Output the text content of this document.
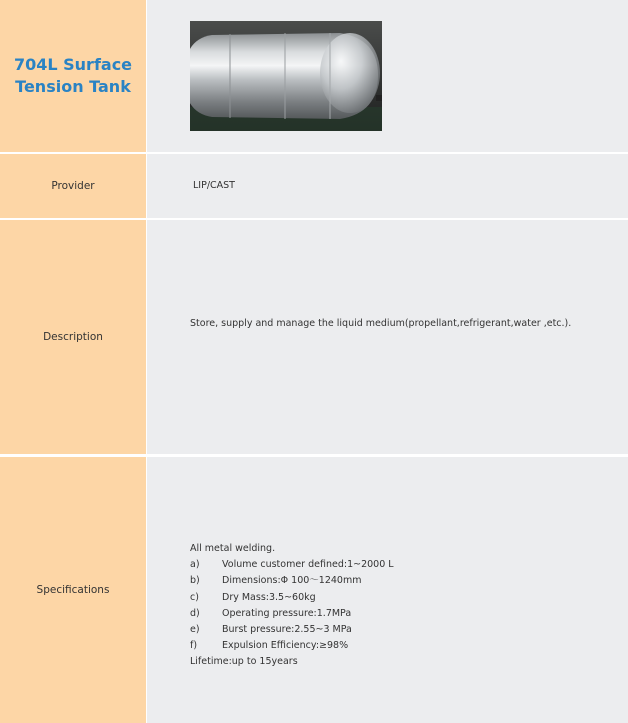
704L Surface
Tension Tank
Provider	LIP/CAST
Description
Store, supply and manage the liquid medium(propellant,refrigerant,water ,etc.).
Specifications
All metal welding.
a) Volume customer defined:1~2000 L
b) Dimensions:Φ 100～1240mm
c) Dry Mass:3.5~60kg
d) Operating pressure:1.7MPa
e) Burst pressure:2.55~3 MPa
f)	Expulsion Efficiency:≥98%
Lifetime:up to 15years
